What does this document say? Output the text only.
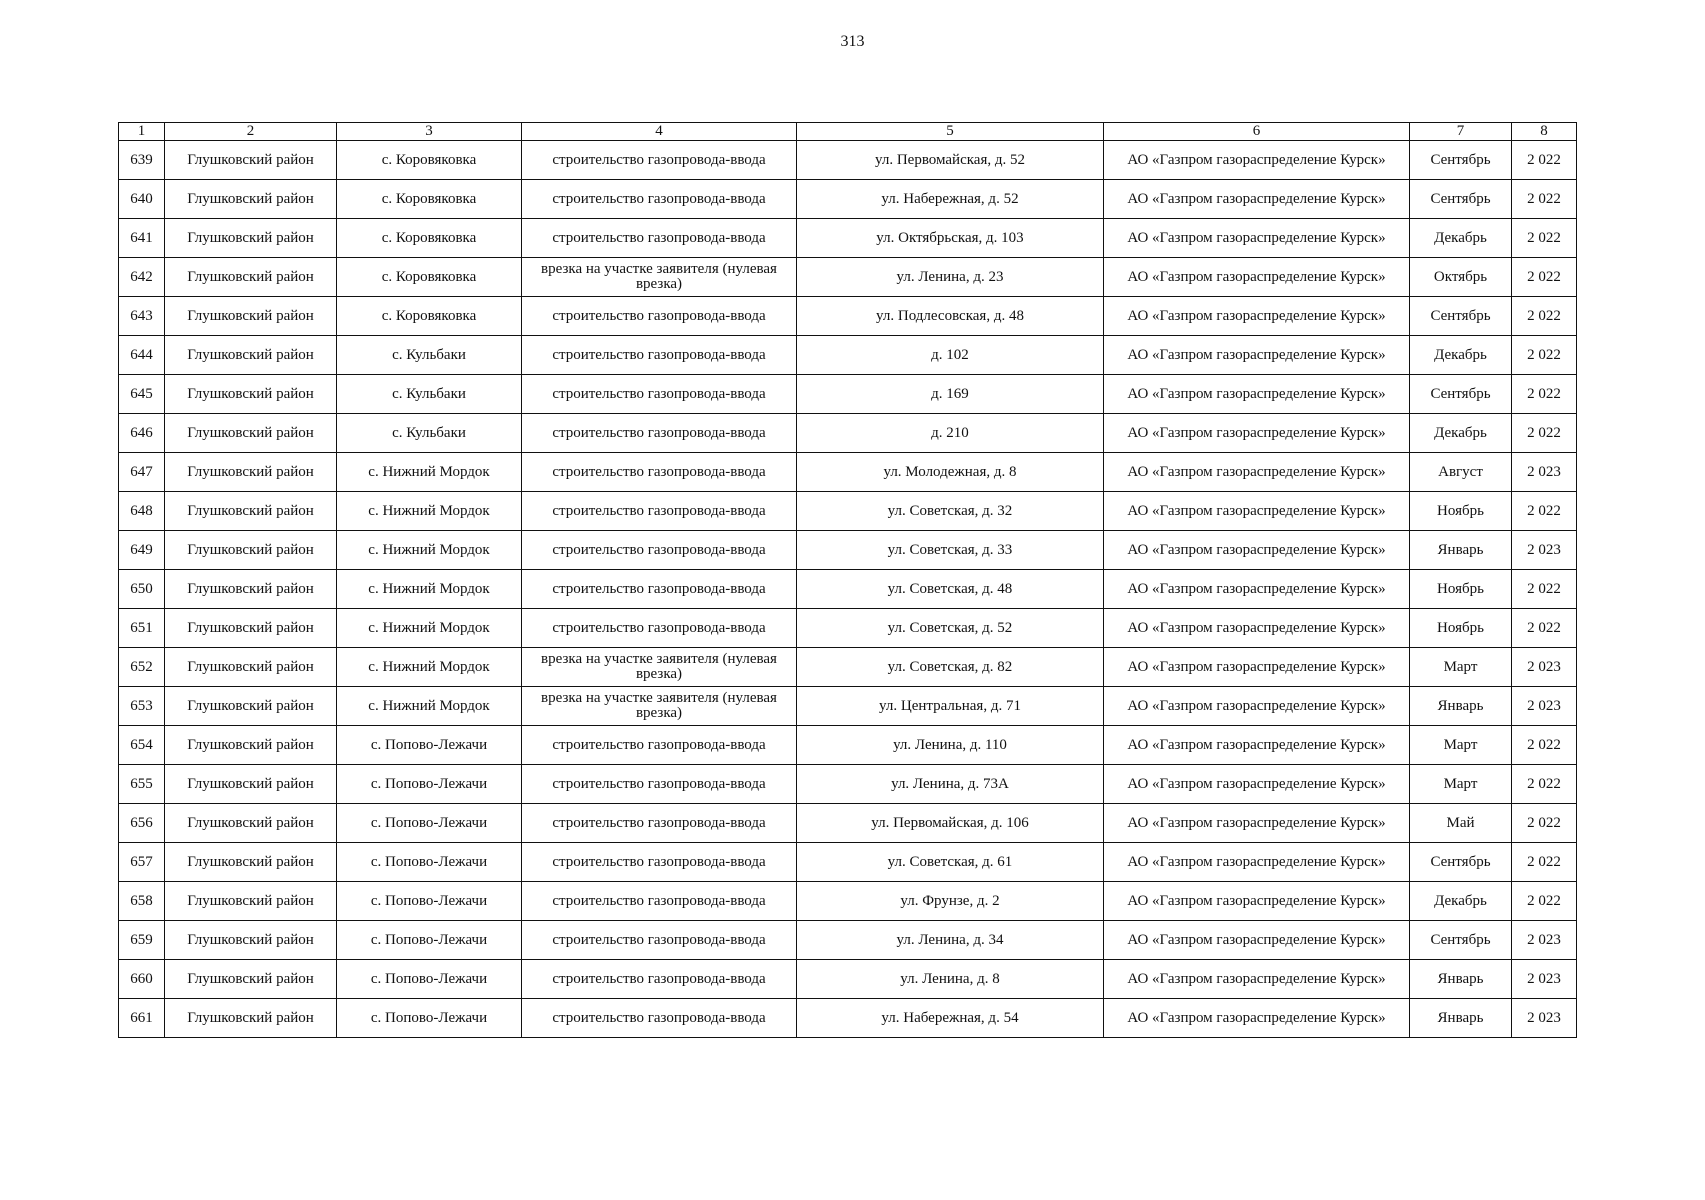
313
1	2	3	4	5	6	7	8
639	Глушковский район	с. Коровяковка	строительство газопровода-ввода	ул. Первомайская, д. 52	АО «Газпром газораспределение Курск»	Сентябрь	2 022
640	Глушковский район	с. Коровяковка	строительство газопровода-ввода	ул. Набережная, д. 52	АО «Газпром газораспределение Курск»	Сентябрь	2 022
641	Глушковский район	с. Коровяковка	строительство газопровода-ввода	ул. Октябрьская, д. 103	АО «Газпром газораспределение Курск»	Декабрь	2 022
642	Глушковский район	с. Коровяковка	врезка на участке заявителя (нулевая врезка)	ул. Ленина, д. 23	АО «Газпром газораспределение Курск»	Октябрь	2 022
643	Глушковский район	с. Коровяковка	строительство газопровода-ввода	ул. Подлесовская, д. 48	АО «Газпром газораспределение Курск»	Сентябрь	2 022
644	Глушковский район	с. Кульбаки	строительство газопровода-ввода	д. 102	АО «Газпром газораспределение Курск»	Декабрь	2 022
645	Глушковский район	с. Кульбаки	строительство газопровода-ввода	д. 169	АО «Газпром газораспределение Курск»	Сентябрь	2 022
646	Глушковский район	с. Кульбаки	строительство газопровода-ввода	д. 210	АО «Газпром газораспределение Курск»	Декабрь	2 022
647	Глушковский район	с. Нижний Мордок	строительство газопровода-ввода	ул. Молодежная, д. 8	АО «Газпром газораспределение Курск»	Август	2 023
648	Глушковский район	с. Нижний Мордок	строительство газопровода-ввода	ул. Советская, д. 32	АО «Газпром газораспределение Курск»	Ноябрь	2 022
649	Глушковский район	с. Нижний Мордок	строительство газопровода-ввода	ул. Советская, д. 33	АО «Газпром газораспределение Курск»	Январь	2 023
650	Глушковский район	с. Нижний Мордок	строительство газопровода-ввода	ул. Советская, д. 48	АО «Газпром газораспределение Курск»	Ноябрь	2 022
651	Глушковский район	с. Нижний Мордок	строительство газопровода-ввода	ул. Советская, д. 52	АО «Газпром газораспределение Курск»	Ноябрь	2 022
652	Глушковский район	с. Нижний Мордок	врезка на участке заявителя (нулевая врезка)	ул. Советская, д. 82	АО «Газпром газораспределение Курск»	Март	2 023
653	Глушковский район	с. Нижний Мордок	врезка на участке заявителя (нулевая врезка)	ул. Центральная, д. 71	АО «Газпром газораспределение Курск»	Январь	2 023
654	Глушковский район	с. Попово-Лежачи	строительство газопровода-ввода	ул. Ленина, д. 110	АО «Газпром газораспределение Курск»	Март	2 022
655	Глушковский район	с. Попово-Лежачи	строительство газопровода-ввода	ул. Ленина, д. 73А	АО «Газпром газораспределение Курск»	Март	2 022
656	Глушковский район	с. Попово-Лежачи	строительство газопровода-ввода	ул. Первомайская, д. 106	АО «Газпром газораспределение Курск»	Май	2 022
657	Глушковский район	с. Попово-Лежачи	строительство газопровода-ввода	ул. Советская, д. 61	АО «Газпром газораспределение Курск»	Сентябрь	2 022
658	Глушковский район	с. Попово-Лежачи	строительство газопровода-ввода	ул. Фрунзе, д. 2	АО «Газпром газораспределение Курск»	Декабрь	2 022
659	Глушковский район	с. Попово-Лежачи	строительство газопровода-ввода	ул. Ленина, д. 34	АО «Газпром газораспределение Курск»	Сентябрь	2 023
660	Глушковский район	с. Попово-Лежачи	строительство газопровода-ввода	ул. Ленина, д. 8	АО «Газпром газораспределение Курск»	Январь	2 023
661	Глушковский район	с. Попово-Лежачи	строительство газопровода-ввода	ул. Набережная, д. 54	АО «Газпром газораспределение Курск»	Январь	2 023
